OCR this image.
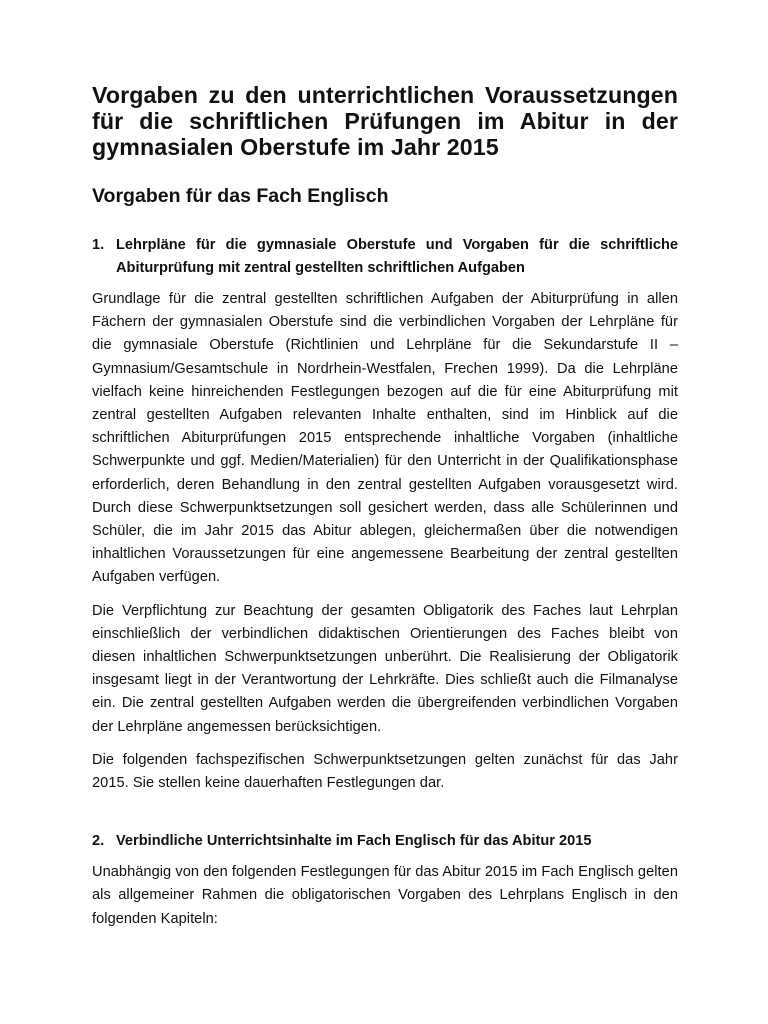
Vorgaben zu den unterrichtlichen Voraussetzungen für die schriftlichen Prüfungen im Abitur in der gymnasialen Oberstufe im Jahr 2015
Vorgaben für das Fach Englisch
1. Lehrpläne für die gymnasiale Oberstufe und Vorgaben für die schriftliche Abiturprüfung mit zentral gestellten schriftlichen Aufgaben

Grundlage für die zentral gestellten schriftlichen Aufgaben der Abiturprüfung in allen Fächern der gymnasialen Oberstufe sind die verbindlichen Vorgaben der Lehrpläne für die gymnasiale Oberstufe (Richtlinien und Lehrpläne für die Sekundarstufe II – Gymnasium/Gesamtschule in Nordrhein-Westfalen, Frechen 1999). Da die Lehrpläne vielfach keine hinreichenden Festlegungen bezogen auf die für eine Abiturprüfung mit zentral gestellten Aufgaben relevanten Inhalte enthalten, sind im Hinblick auf die schriftlichen Abiturprüfungen 2015 entsprechende inhaltliche Vorgaben (inhaltliche Schwerpunkte und ggf. Medien/Materialien) für den Unterricht in der Qualifikationsphase erforderlich, deren Behandlung in den zentral gestellten Aufgaben vorausgesetzt wird. Durch diese Schwerpunktsetzungen soll gesichert werden, dass alle Schülerinnen und Schüler, die im Jahr 2015 das Abitur ablegen, gleichermaßen über die notwendigen inhaltlichen Voraussetzungen für eine angemessene Bearbeitung der zentral gestellten Aufgaben verfügen.

Die Verpflichtung zur Beachtung der gesamten Obligatorik des Faches laut Lehrplan einschließlich der verbindlichen didaktischen Orientierungen des Faches bleibt von diesen inhaltlichen Schwerpunktsetzungen unberührt. Die Realisierung der Obligatorik insgesamt liegt in der Verantwortung der Lehrkräfte. Dies schließt auch die Filmanalyse ein. Die zentral gestellten Aufgaben werden die übergreifenden verbindlichen Vorgaben der Lehrpläne angemessen berücksichtigen.

Die folgenden fachspezifischen Schwerpunktsetzungen gelten zunächst für das Jahr 2015. Sie stellen keine dauerhaften Festlegungen dar.

2. Verbindliche Unterrichtsinhalte im Fach Englisch für das Abitur 2015

Unabhängig von den folgenden Festlegungen für das Abitur 2015 im Fach Englisch gelten als allgemeiner Rahmen die obligatorischen Vorgaben des Lehrplans Englisch in den folgenden Kapiteln:
